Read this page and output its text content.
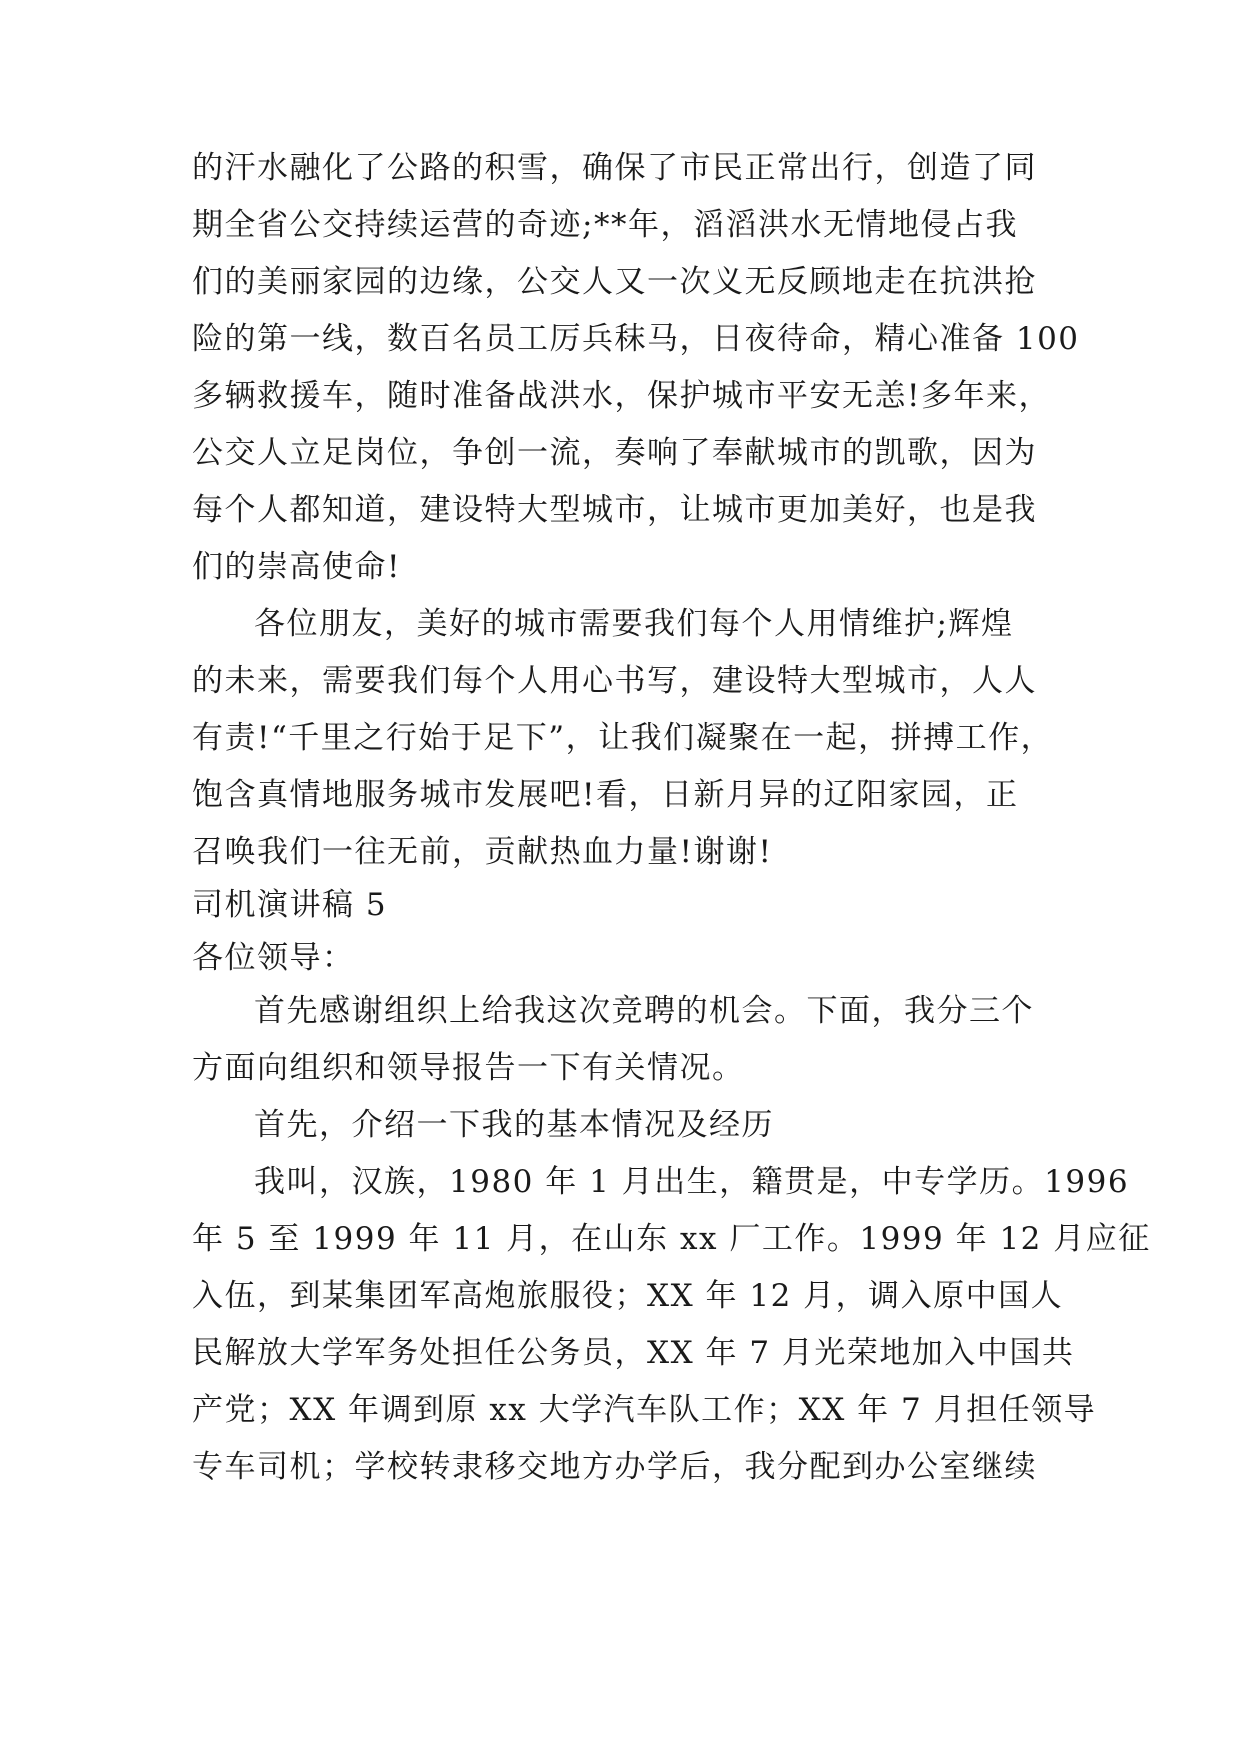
的汗水融化了公路的积雪，确保了市民正常出行，创造了同
期全省公交持续运营的奇迹;**年，滔滔洪水无情地侵占我
们的美丽家园的边缘，公交人又一次义无反顾地走在抗洪抢
险的第一线，数百名员工厉兵秣马，日夜待命，精心准备 100
多辆救援车，随时准备战洪水，保护城市平安无恙!多年来，
公交人立足岗位，争创一流，奏响了奉献城市的凯歌，因为
每个人都知道，建设特大型城市，让城市更加美好，也是我
们的崇高使命!
各位朋友，美好的城市需要我们每个人用情维护;辉煌
的未来，需要我们每个人用心书写，建设特大型城市，人人
有责!“千里之行始于足下”，让我们凝聚在一起，拼搏工作，
饱含真情地服务城市发展吧!看，日新月异的辽阳家园，正
召唤我们一往无前，贡献热血力量!谢谢!
司机演讲稿 5
各位领导：
首先感谢组织上给我这次竞聘的机会。下面，我分三个
方面向组织和领导报告一下有关情况。
首先，介绍一下我的基本情况及经历
我叫，汉族，1980 年 1 月出生，籍贯是，中专学历。1996
年 5 至 1999 年 11 月，在山东 xx 厂工作。1999 年 12 月应征
入伍，到某集团军高炮旅服役；XX 年 12 月，调入原中国人
民解放大学军务处担任公务员，XX 年 7 月光荣地加入中国共
产党；XX 年调到原 xx 大学汽车队工作；XX 年 7 月担任领导
专车司机；学校转隶移交地方办学后，我分配到办公室继续
